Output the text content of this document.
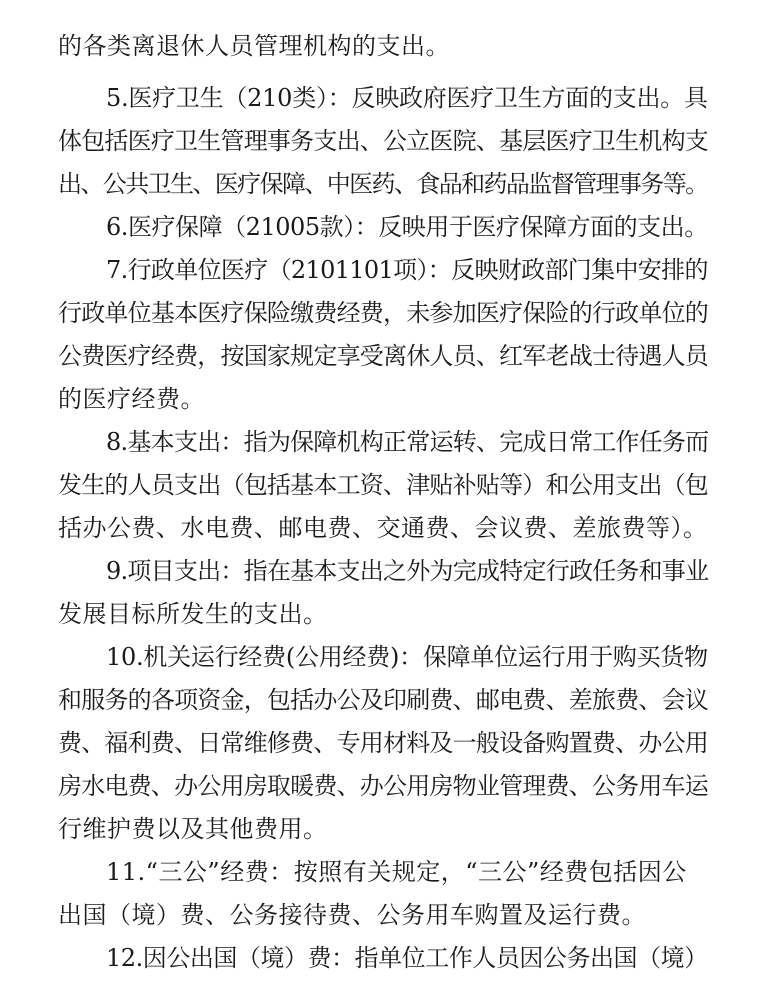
的各类离退休人员管理机构的支出。
5.医疗卫生（210类）：反映政府医疗卫生方面的支出。具
体包括医疗卫生管理事务支出、公立医院、基层医疗卫生机构支
出、公共卫生、医疗保障、中医药、食品和药品监督管理事务等。
6.医疗保障（21005款）：反映用于医疗保障方面的支出。
7.行政单位医疗（2101101项）：反映财政部门集中安排的
行政单位基本医疗保险缴费经费，未参加医疗保险的行政单位的
公费医疗经费，按国家规定享受离休人员、红军老战士待遇人员
的医疗经费。
8.基本支出：指为保障机构正常运转、完成日常工作任务而
发生的人员支出（包括基本工资、津贴补贴等）和公用支出（包
括办公费、水电费、邮电费、交通费、会议费、差旅费等）。
9.项目支出：指在基本支出之外为完成特定行政任务和事业
发展目标所发生的支出。
10.机关运行经费(公用经费)：保障单位运行用于购买货物
和服务的各项资金，包括办公及印刷费、邮电费、差旅费、会议
费、福利费、日常维修费、专用材料及一般设备购置费、办公用
房水电费、办公用房取暖费、办公用房物业管理费、公务用车运
行维护费以及其他费用。
11.“三公”经费：按照有关规定，“三公”经费包括因公
出国（境）费、公务接待费、公务用车购置及运行费。
12.因公出国（境）费：指单位工作人员因公务出国（境）
